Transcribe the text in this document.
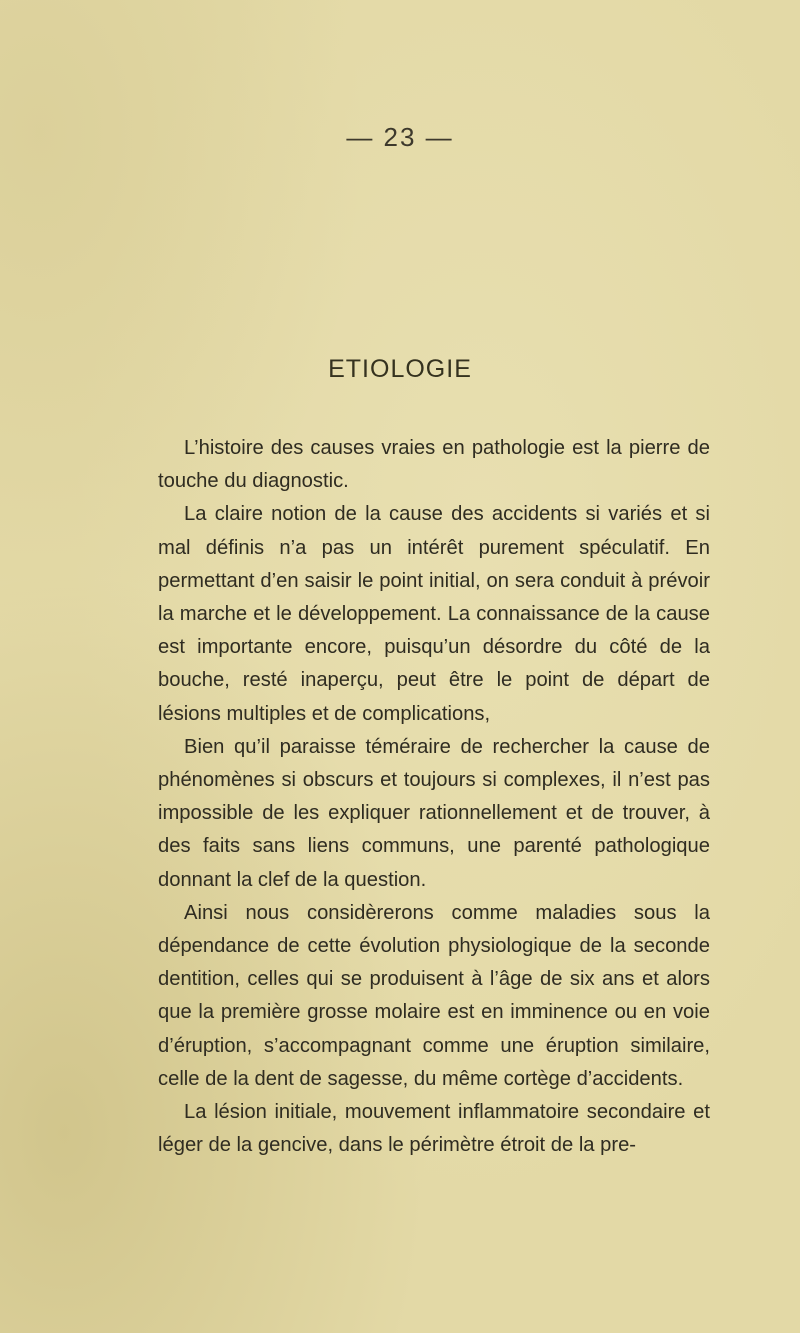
— 23 —
ETIOLOGIE

L’histoire des causes vraies en pathologie est la pierre de touche du diagnostic.

La claire notion de la cause des accidents si variés et si mal définis n’a pas un intérêt purement spéculatif. En permettant d’en saisir le point initial, on sera conduit à prévoir la marche et le développement. La connaissance de la cause est importante encore, puisqu’un désordre du côté de la bouche, resté inaperçu, peut être le point de départ de lésions multiples et de complications,

Bien qu’il paraisse téméraire de rechercher la cause de phénomènes si obscurs et toujours si complexes, il n’est pas impossible de les expliquer rationnellement et de trouver, à des faits sans liens communs, une parenté pathologique donnant la clef de la question.

Ainsi nous considèrerons comme maladies sous la dépendance de cette évolution physiologique de la seconde dentition, celles qui se produisent à l’âge de six ans et alors que la première grosse molaire est en imminence ou en voie d’éruption, s’accompagnant comme une éruption similaire, celle de la dent de sagesse, du même cortège d’accidents.

La lésion initiale, mouvement inflammatoire secondaire et léger de la gencive, dans le périmètre étroit de la pre-
